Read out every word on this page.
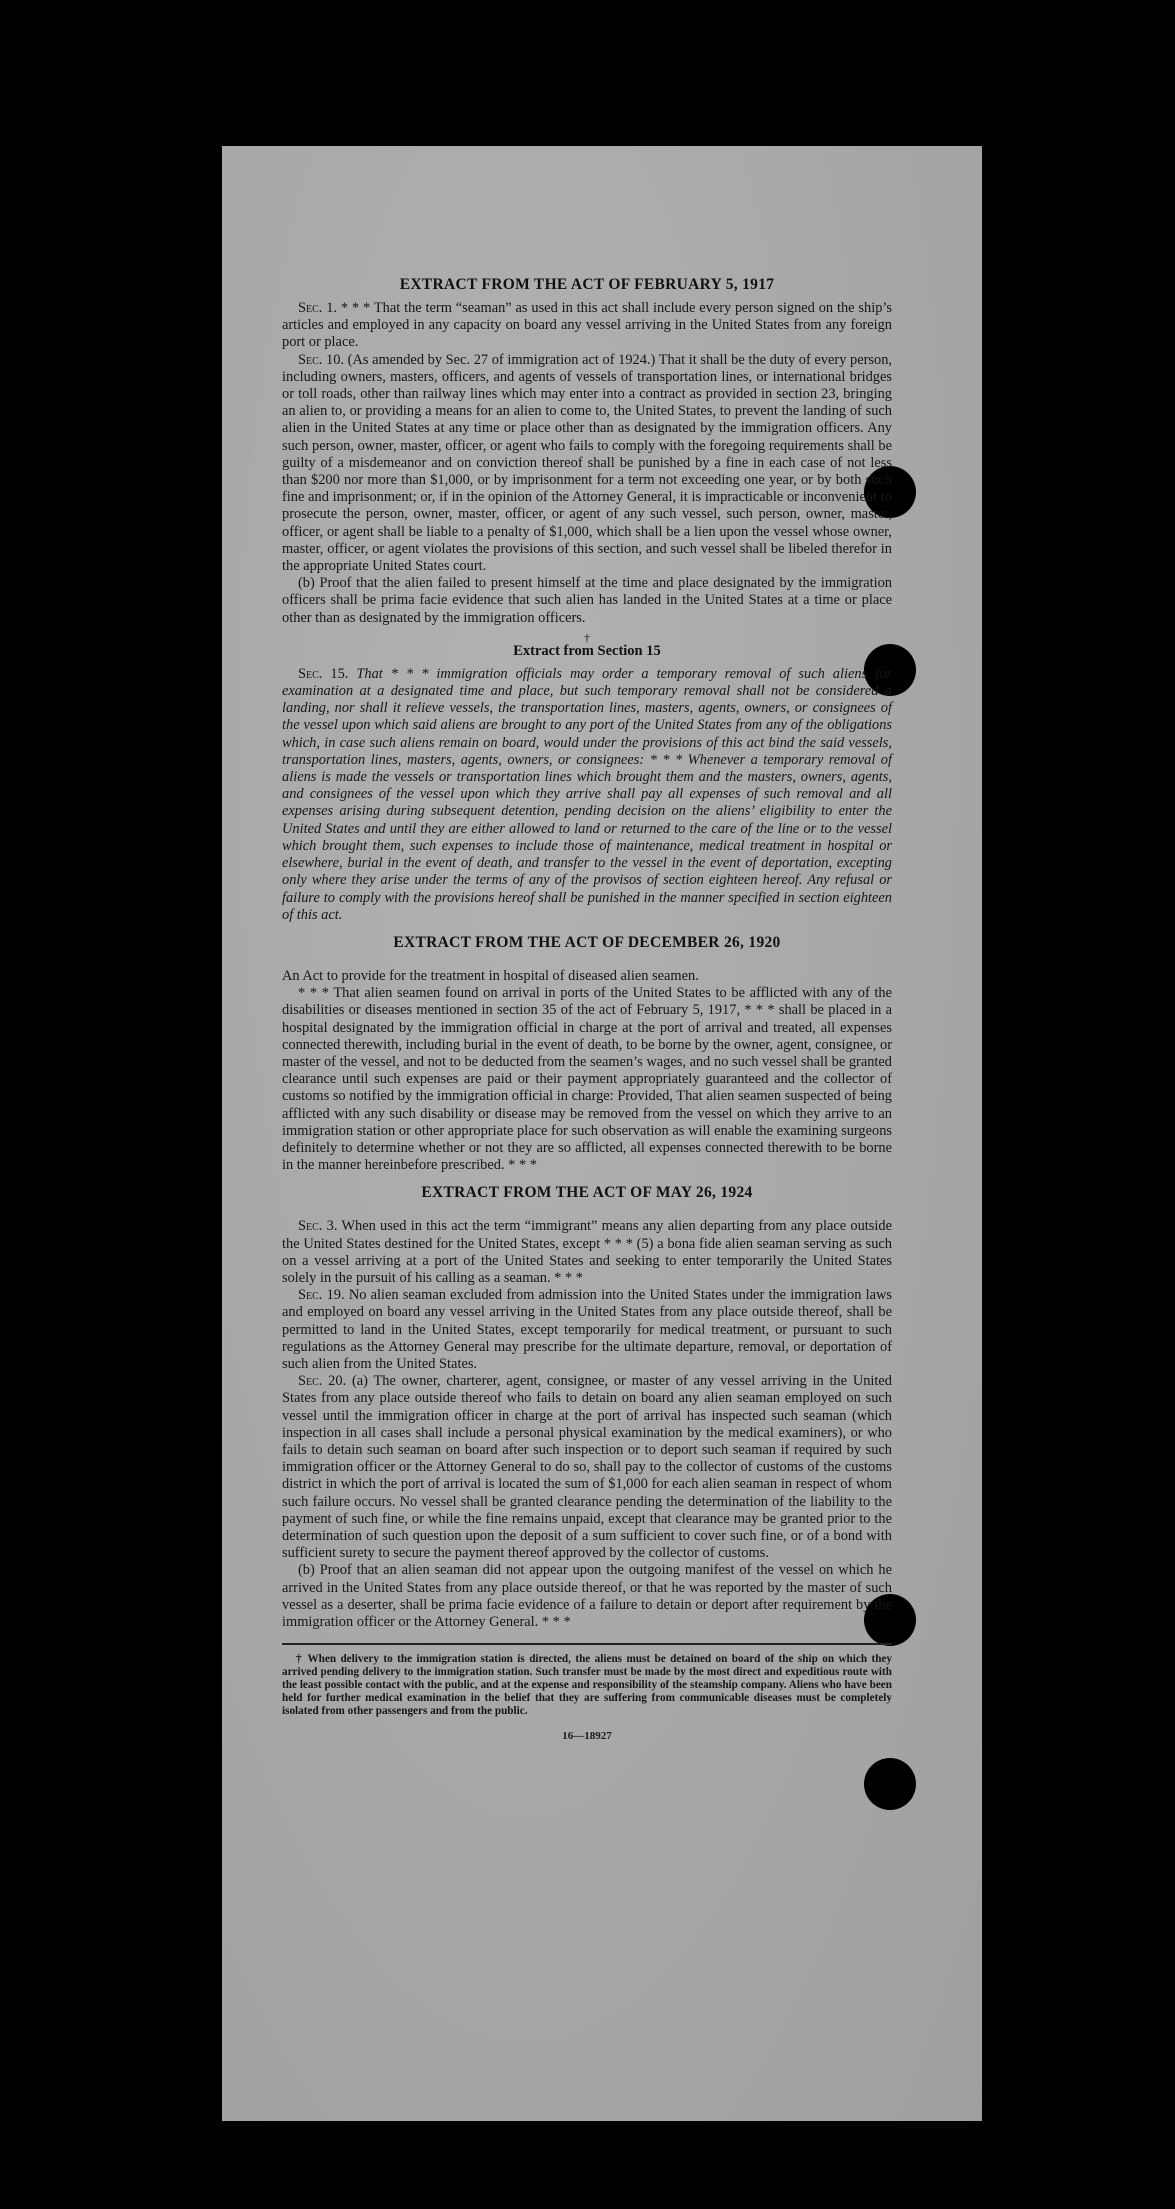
EXTRACT FROM THE ACT OF FEBRUARY 5, 1917

Sec. 1. * * * That the term “seaman” as used in this act shall include every person signed on the ship’s articles and employed in any capacity on board any vessel arriving in the United States from any foreign port or place.

Sec. 10. (As amended by Sec. 27 of immigration act of 1924.) That it shall be the duty of every person, including owners, masters, officers, and agents of vessels of transportation lines, or international bridges or toll roads, other than railway lines which may enter into a contract as provided in section 23, bringing an alien to, or providing a means for an alien to come to, the United States, to prevent the landing of such alien in the United States at any time or place other than as designated by the immigration officers. Any such person, owner, master, officer, or agent who fails to comply with the foregoing requirements shall be guilty of a misdemeanor and on conviction thereof shall be punished by a fine in each case of not less than $200 nor more than $1,000, or by imprisonment for a term not exceeding one year, or by both such fine and imprisonment; or, if in the opinion of the Attorney General, it is impracticable or inconvenient to prosecute the person, owner, master, officer, or agent of any such vessel, such person, owner, master, officer, or agent shall be liable to a penalty of $1,000, which shall be a lien upon the vessel whose owner, master, officer, or agent violates the provisions of this section, and such vessel shall be libeled therefor in the appropriate United States court.

(b) Proof that the alien failed to present himself at the time and place designated by the immigration officers shall be prima facie evidence that such alien has landed in the United States at a time or place other than as designated by the immigration officers.

†
Extract from Section 15

Sec. 15. That * * * immigration officials may order a temporary removal of such aliens for examination at a designated time and place, but such temporary removal shall not be considered a landing, nor shall it relieve vessels, the transportation lines, masters, agents, owners, or consignees of the vessel upon which said aliens are brought to any port of the United States from any of the obligations which, in case such aliens remain on board, would under the provisions of this act bind the said vessels, transportation lines, masters, agents, owners, or consignees: * * * Whenever a temporary removal of aliens is made the vessels or transportation lines which brought them and the masters, owners, agents, and consignees of the vessel upon which they arrive shall pay all expenses of such removal and all expenses arising during subsequent detention, pending decision on the aliens’ eligibility to enter the United States and until they are either allowed to land or returned to the care of the line or to the vessel which brought them, such expenses to include those of maintenance, medical treatment in hospital or elsewhere, burial in the event of death, and transfer to the vessel in the event of deportation, excepting only where they arise under the terms of any of the provisos of section eighteen hereof. Any refusal or failure to comply with the provisions hereof shall be punished in the manner specified in section eighteen of this act.

EXTRACT FROM THE ACT OF DECEMBER 26, 1920

An Act to provide for the treatment in hospital of diseased alien seamen.

* * * That alien seamen found on arrival in ports of the United States to be afflicted with any of the disabilities or diseases mentioned in section 35 of the act of February 5, 1917, * * * shall be placed in a hospital designated by the immigration official in charge at the port of arrival and treated, all expenses connected therewith, including burial in the event of death, to be borne by the owner, agent, consignee, or master of the vessel, and not to be deducted from the seamen’s wages, and no such vessel shall be granted clearance until such expenses are paid or their payment appropriately guaranteed and the collector of customs so notified by the immigration official in charge: Provided, That alien seamen suspected of being afflicted with any such disability or disease may be removed from the vessel on which they arrive to an immigration station or other appropriate place for such observation as will enable the examining surgeons definitely to determine whether or not they are so afflicted, all expenses connected therewith to be borne in the manner hereinbefore prescribed. * * *

EXTRACT FROM THE ACT OF MAY 26, 1924

Sec. 3. When used in this act the term “immigrant” means any alien departing from any place outside the United States destined for the United States, except * * * (5) a bona fide alien seaman serving as such on a vessel arriving at a port of the United States and seeking to enter temporarily the United States solely in the pursuit of his calling as a seaman. * * *

Sec. 19. No alien seaman excluded from admission into the United States under the immigration laws and employed on board any vessel arriving in the United States from any place outside thereof, shall be permitted to land in the United States, except temporarily for medical treatment, or pursuant to such regulations as the Attorney General may prescribe for the ultimate departure, removal, or deportation of such alien from the United States.

Sec. 20. (a) The owner, charterer, agent, consignee, or master of any vessel arriving in the United States from any place outside thereof who fails to detain on board any alien seaman employed on such vessel until the immigration officer in charge at the port of arrival has inspected such seaman (which inspection in all cases shall include a personal physical examination by the medical examiners), or who fails to detain such seaman on board after such inspection or to deport such seaman if required by such immigration officer or the Attorney General to do so, shall pay to the collector of customs of the customs district in which the port of arrival is located the sum of $1,000 for each alien seaman in respect of whom such failure occurs. No vessel shall be granted clearance pending the determination of the liability to the payment of such fine, or while the fine remains unpaid, except that clearance may be granted prior to the determination of such question upon the deposit of a sum sufficient to cover such fine, or of a bond with sufficient surety to secure the payment thereof approved by the collector of customs.

(b) Proof that an alien seaman did not appear upon the outgoing manifest of the vessel on which he arrived in the United States from any place outside thereof, or that he was reported by the master of such vessel as a deserter, shall be prima facie evidence of a failure to detain or deport after requirement by the immigration officer or the Attorney General. * * *

† When delivery to the immigration station is directed, the aliens must be detained on board of the ship on which they arrived pending delivery to the immigration station. Such transfer must be made by the most direct and expeditious route with the least possible contact with the public, and at the expense and responsibility of the steamship company. Aliens who have been held for further medical examination in the belief that they are suffering from communicable diseases must be completely isolated from other passengers and from the public.

16—18927
